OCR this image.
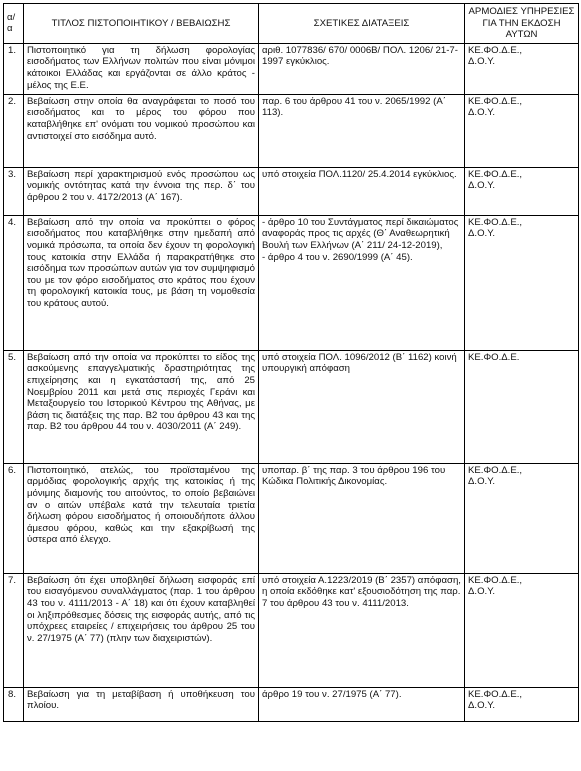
α/α	ΤΙΤΛΟΣ ΠΙΣΤΟΠΟΙΗΤΙΚΟΥ / ΒΕΒΑΙΩΣΗΣ	ΣΧΕΤΙΚΕΣ ΔΙΑΤΑΞΕΙΣ	ΑΡΜΟΔΙΕΣ ΥΠΗΡΕΣΙΕΣ ΓΙΑ ΤΗΝ ΕΚΔΟΣΗ ΑΥΤΩΝ
1.	Πιστοποιητικό για τη δήλωση φορολογίας εισοδήματος των Ελλήνων πολιτών που είναι μόνιμοι κάτοικοι Ελλάδας και εργάζονται σε άλλο κράτος - μέλος της Ε.Ε.	αριθ. 1077836/ 670/ 0006Β/ ΠΟΛ. 1206/ 21-7-1997 εγκύκλιος.	ΚΕ.ΦΟ.Δ.Ε.,
Δ.Ο.Υ.

2.	Βεβαίωση στην οποία θα αναγράφεται το ποσό του εισοδήματος και το μέρος του φόρου που καταβλήθηκε επ' ονόματι του νομικού προσώπου και αντιστοιχεί στο εισόδημα αυτό.	παρ. 6 του άρθρου 41 του ν. 2065/1992 (Α΄ 113).	ΚΕ.ΦΟ.Δ.Ε.,
Δ.Ο.Υ.

3.	Βεβαίωση περί χαρακτηρισμού ενός προσώπου ως νομικής οντότητας κατά την έννοια της περ. δ΄ του άρθρου 2 του ν. 4172/2013 (Α΄ 167).	υπό στοιχεία ΠΟΛ.1120/ 25.4.2014 εγκύκλιος.	ΚΕ.ΦΟ.Δ.Ε.,
Δ.Ο.Υ.

4.	Βεβαίωση από την οποία να προκύπτει ο φόρος εισοδήματος που καταβλήθηκε στην ημεδαπή από νομικά πρόσωπα, τα οποία δεν έχουν τη φορολογική τους κατοικία στην Ελλάδα ή παρακρατήθηκε στο εισόδημα των προσώπων αυτών για τον συμψηφισμό του με τον φόρο εισοδήματος στο κράτος που έχουν τη φορολογική κατοικία τους, με βάση τη νομοθεσία του κράτους αυτού.	- άρθρο 10 του Συντάγματος περί δικαιώματος αναφοράς προς τις αρχές (Θ΄ Αναθεωρητική Βουλή των Ελλήνων (Α΄ 211/ 24-12-2019),
- άρθρο 4 του ν. 2690/1999 (Α΄ 45).	ΚΕ.ΦΟ.Δ.Ε.,
Δ.Ο.Υ.

5.	Βεβαίωση από την οποία να προκύπτει το είδος της ασκούμενης επαγγελματικής δραστηριότητας της επιχείρησης και η εγκατάστασή της, από 25 Νοεμβρίου 2011 και μετά στις περιοχές Γεράνι και Μεταξουργείο του Ιστορικού Κέντρου της Αθήνας, με βάση τις διατάξεις της παρ. Β2 του άρθρου 43 και της παρ. Β2 του άρθρου 44 του ν. 4030/2011 (Α΄ 249).	υπό στοιχεία ΠΟΛ. 1096/2012 (Β΄ 1162) κοινή υπουργική απόφαση	ΚΕ.ΦΟ.Δ.Ε.

6.	Πιστοποιητικό, ατελώς, του προϊσταμένου της αρμόδιας φορολογικής αρχής της κατοικίας ή της μόνιμης διαμονής του αιτούντος, το οποίο βεβαιώνει αν ο αιτών υπέβαλε κατά την τελευταία τριετία δήλωση φόρου εισοδήματος ή οποιουδήποτε άλλου άμεσου φόρου, καθώς και την εξακρίβωσή της ύστερα από έλεγχο.	υποπαρ. β΄ της παρ. 3 του άρθρου 196 του Κώδικα Πολιτικής Δικονομίας.	ΚΕ.ΦΟ.Δ.Ε.,
Δ.Ο.Υ.

7.	Βεβαίωση ότι έχει υποβληθεί δήλωση εισφοράς επί του εισαγόμενου συναλλάγματος (παρ. 1 του άρθρου 43 του ν. 4111/2013 - Α΄ 18) και ότι έχουν καταβληθεί οι ληξιπρόθεσμες δόσεις της εισφοράς αυτής, από τις υπόχρεες εταιρείες / επιχειρήσεις του άρθρου 25 του ν. 27/1975 (Α΄ 77) (πλην των διαχειριστών).	υπό στοιχεία Α.1223/2019 (Β΄ 2357) απόφαση, η οποία εκδόθηκε κατ' εξουσιοδότηση της παρ. 7 του άρθρου 43 του ν. 4111/2013.	ΚΕ.ΦΟ.Δ.Ε.,
Δ.Ο.Υ.

8.	Βεβαίωση για τη μεταβίβαση ή υποθήκευση του πλοίου.	άρθρο 19 του ν. 27/1975 (Α΄ 77).	ΚΕ.ΦΟ.Δ.Ε.,
Δ.Ο.Υ.
